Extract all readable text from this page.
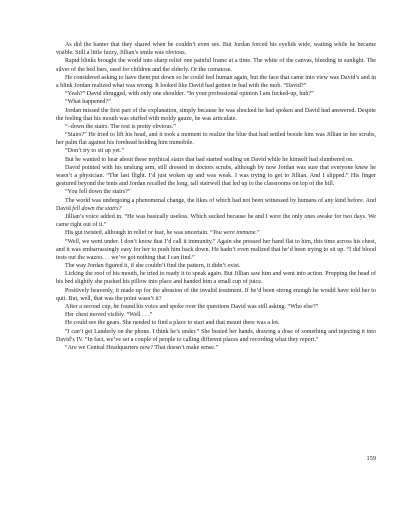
As did the banter that they shared when he couldn’t even see. But Jordan forced his eyelids wide, waiting while he became visible. Still a little fuzzy, Jillian’s smile was obvious.

Rapid blinks brought the world into sharp relief one painful frame at a time. The white of the canvas, bleeding in sunlight. The silver of the bed bars, used for children and the elderly. Or the comatose.

He considered asking to have them put down so he could feel human again, but the face that came into view was David’s and in a blink Jordan realized what was wrong. It looked like David had gotten in bad with the mob. “David?”

“Yeah?” David shrugged, with only one shoulder. “In your professional opinion I am fucked-up, huh?”

“What happened?”

Jordan missed the first part of the explanation, simply because he was shocked he had spoken and David had answered. Despite the feeling that his mouth was stuffed with moldy gauze, he was articulate.

“–down the stairs. The rest is pretty obvious.”

“Stairs?” He tried to lift his head, and it took a moment to realize the blue that had settled beside him was Jillian in her scrubs, her palm flat against his forehead holding him immobile.

“Don’t try to sit up yet.”

But he wanted to hear about these mythical stairs that had started wailing on David while he himself had slumbered on.

David pointed with his unslung arm, still dressed in doctors scrubs, although by now Jordan was sure that everyone knew he wasn’t a physician. “The last flight. I’d just woken up and was weak. I was trying to get to Jillian. And I slipped.” His finger gestured beyond the tents and Jordan recalled the long, tall stairwell that led up to the classrooms on top of the hill.

“You fell down the stairs?”

The world was undergoing a phenomenal change, the likes of which had not been witnessed by humans of any kind before. And David fell down the stairs?

Jillian’s voice added in. “He was basically useless. Which sucked because he and I were the only ones awake for two days. We came right out of it.”

His gut twisted, although in relief or fear, he was uncertain. “You were immune.”

“Well, we went under. I don’t know that I’d call it immunity.” Again she pressed her hand flat to him, this time across his chest, and it was embarrassingly easy for her to push him back down. He hadn’t even realized that he’d been trying to sit up. “I did blood tests out the wazoo. . . we’ve got nothing that I can find.”

The way Jordan figured it, if she couldn’t find the pattern, it didn’t exist.

Licking the roof of his mouth, he tried to ready it to speak again. But Jillian saw him and went into action. Propping the head of his bed slightly she pushed his pillow into place and handed him a small cup of juice.

Positively heavenly, it made up for the abrasion of the invalid treatment. If he’d been strong enough he would have told her to quit. But, well, that was the point wasn’t it?

After a second cup, he found his voice and spoke over the questions David was still asking. “Who else?”

Her chest moved visibly. “Well . . .”

He could see the gears. She needed to find a place to start and that meant there was a lot.

“I can’t get Landerly on the phone. I think he’s under.” She busied her hands, drawing a dose of something and injecting it into David’s IV. “In fact, we’ve set a couple of people to calling different places and recording what they report.”

“Are we Central Headquarters now? That doesn’t make sense.”

159
